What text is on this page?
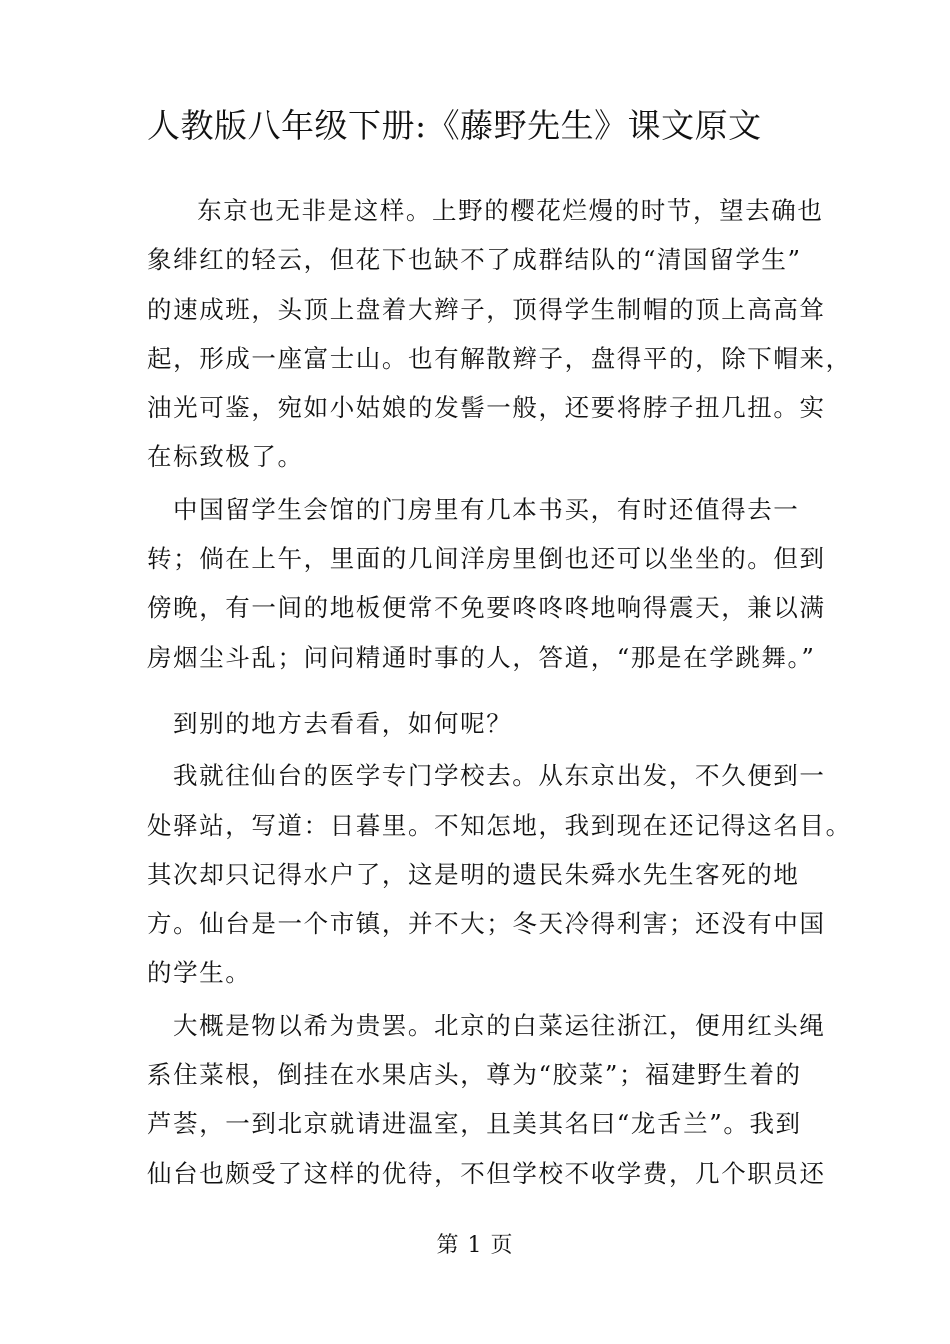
人教版八年级下册:《藤野先生》课文原文
　东京也无非是这样。上野的樱花烂熳的时节，望去确也
象绯红的轻云，但花下也缺不了成群结队的“清国留学生”
的速成班，头顶上盘着大辫子，顶得学生制帽的顶上高高耸
起，形成一座富士山。也有解散辫子，盘得平的，除下帽来，
油光可鉴，宛如小姑娘的发髻一般，还要将脖子扭几扭。实
在标致极了。
中国留学生会馆的门房里有几本书买，有时还值得去一
转；倘在上午，里面的几间洋房里倒也还可以坐坐的。但到
傍晚，有一间的地板便常不免要咚咚咚地响得震天，兼以满
房烟尘斗乱；问问精通时事的人，答道，“那是在学跳舞。”
到别的地方去看看，如何呢？
我就往仙台的医学专门学校去。从东京出发，不久便到一
处驿站，写道：日暮里。不知怎地，我到现在还记得这名目。
其次却只记得水户了，这是明的遗民朱舜水先生客死的地
方。仙台是一个市镇，并不大；冬天冷得利害；还没有中国
的学生。
大概是物以希为贵罢。北京的白菜运往浙江，便用红头绳
系住菜根，倒挂在水果店头，尊为“胶菜”；福建野生着的
芦荟，一到北京就请进温室，且美其名曰“龙舌兰”。我到
仙台也颇受了这样的优待，不但学校不收学费，几个职员还
第 1 页
